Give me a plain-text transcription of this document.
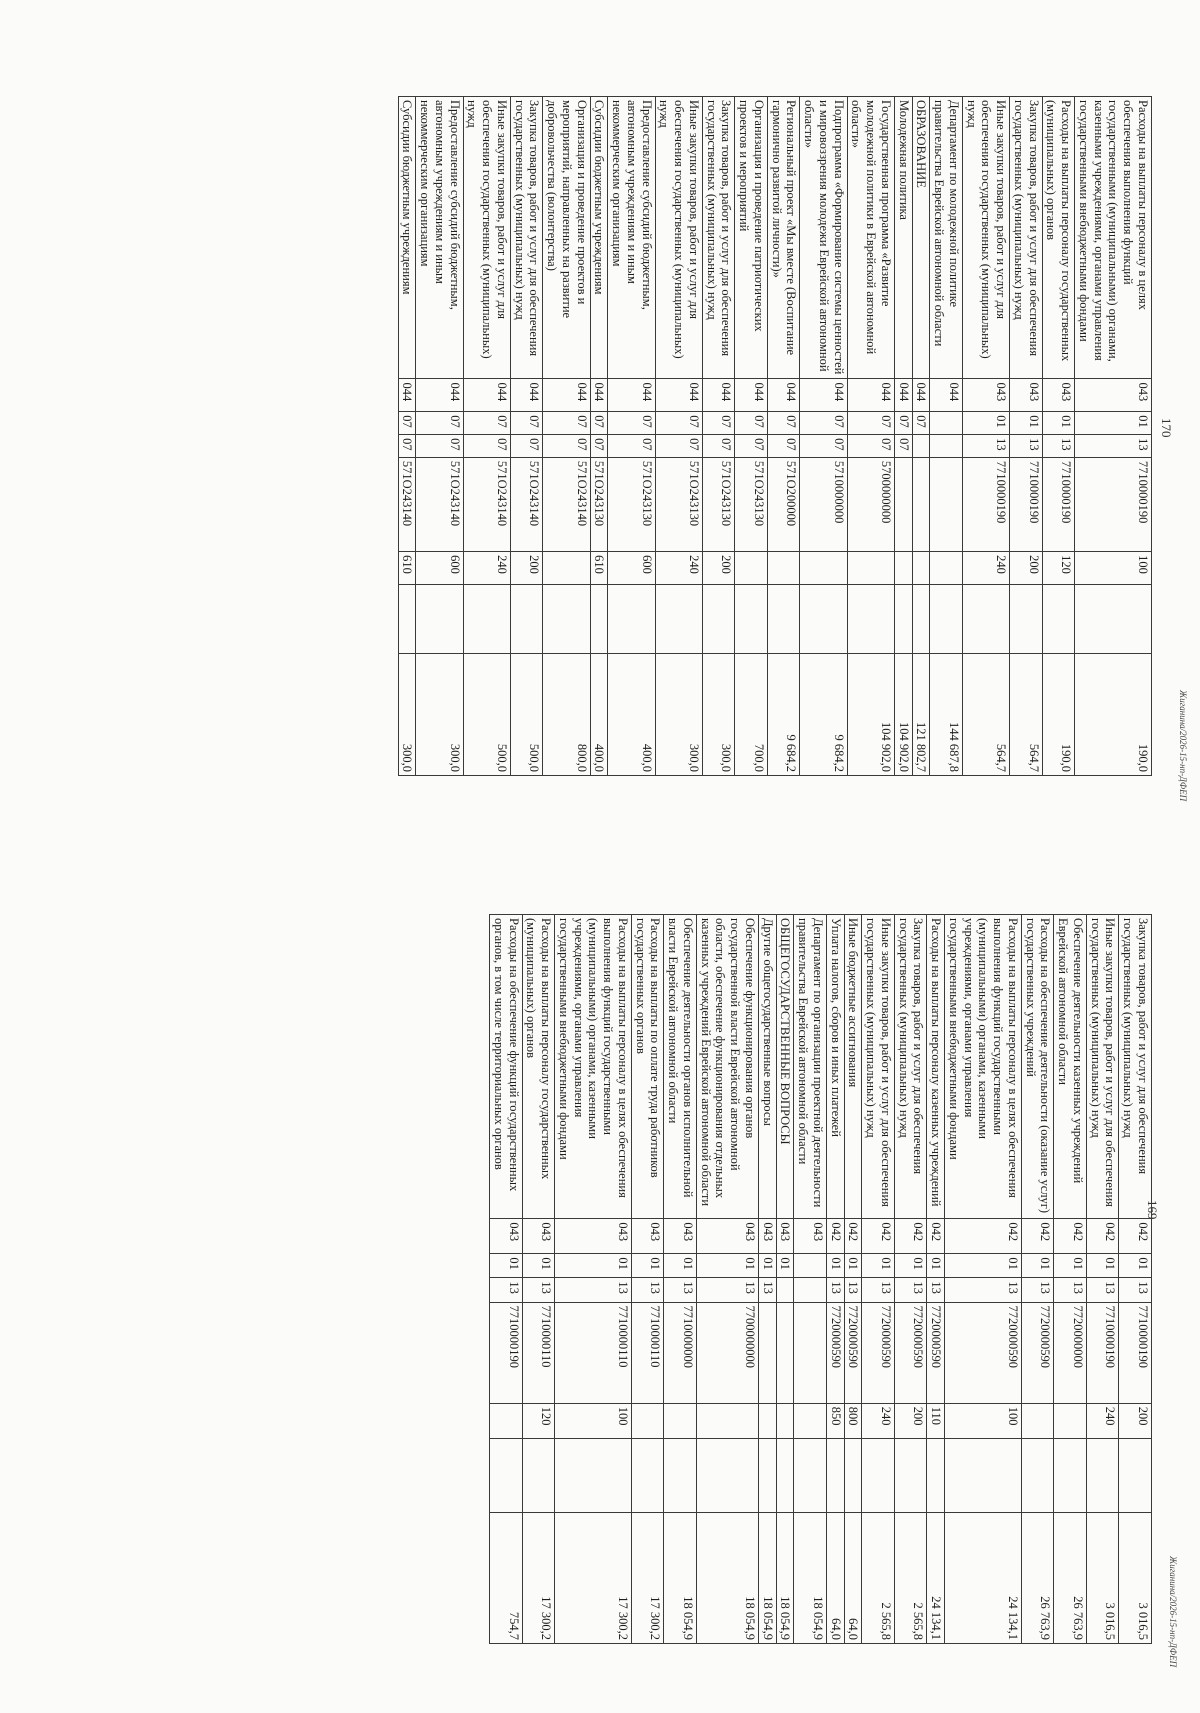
170
Расходы на выплаты персоналу в целях обеспечения выполнения функций государственными (муниципальными) органами, казенными учреждениями, органами управления государственными внебюджетными фондами	043	01	13	7710000190	100		190,0
Расходы на выплаты персоналу государственных (муниципальных) органов	043	01	13	7710000190	120		190,0
Закупка товаров, работ и услуг для обеспечения государственных (муниципальных) нужд	043	01	13	7710000190	200		564,7
Иные закупки товаров, работ и услуг для обеспечения государственных (муниципальных) нужд	043	01	13	7710000190	240		564,7
Департамент по молодежной политике правительства Еврейской автономной области	044						144 687,8
ОБРАЗОВАНИЕ	044	07					121 802,7
Молодежная политика	044	07	07				104 902,0
Государственная программа «Развитие молодежной политики в Еврейской автономной области»	044	07	07	5700000000			104 902,0
Подпрограмма «Формирование системы ценностей и мировоззрения молодежи Еврейской автономной области»	044	07	07	5710000000			9 684,2
Региональный проект «Мы вместе (Воспитание гармонично развитой личности)»	044	07	07	571О200000			9 684,2
Организация и проведение патриотических проектов и мероприятий	044	07	07	571О243130			700,0
Закупка товаров, работ и услуг для обеспечения государственных (муниципальных) нужд	044	07	07	571О243130	200		300,0
Иные закупки товаров, работ и услуг для обеспечения государственных (муниципальных) нужд	044	07	07	571О243130	240		300,0
Предоставление субсидий бюджетным, автономным учреждениям и иным некоммерческим организациям	044	07	07	571О243130	600		400,0
Субсидии бюджетным учреждениям	044	07	07	571О243130	610		400,0
Организация и проведение проектов и мероприятий, направленных на развитие добровольчества (волонтерства)	044	07	07	571О243140			800,0
Закупка товаров, работ и услуг для обеспечения государственных (муниципальных) нужд	044	07	07	571О243140	200		500,0
Иные закупки товаров, работ и услуг для обеспечения государственных (муниципальных) нужд	044	07	07	571О243140	240		500,0
Предоставление субсидий бюджетным, автономным учреждениям и иным некоммерческим организациям	044	07	07	571О243140	600		300,0
Субсидии бюджетным учреждениям	044	07	07	571О243140	610		300,0	Жиганина/2026-15-нп-ДФЕП
169
Закупка товаров, работ и услуг для обеспечения государственных (муниципальных) нужд	042	01	13	7710000190	200		3 016,5
Иные закупки товаров, работ и услуг для обеспечения государственных (муниципальных) нужд	042	01	13	7710000190	240		3 016,5
Обеспечение деятельности казенных учреждений Еврейской автономной области	042	01	13	7720000000			26 763,9
Расходы на обеспечение деятельности (оказание услуг) государственных учреждений	042	01	13	7720000590			26 763,9
Расходы на выплаты персоналу в целях обеспечения выполнения функций государственными (муниципальными) органами, казенными учреждениями, органами управления государственными внебюджетными фондами	042	01	13	7720000590	100		24 134,1
Расходы на выплаты персоналу казенных учреждений	042	01	13	7720000590	110		24 134,1
Закупка товаров, работ и услуг для обеспечения государственных (муниципальных) нужд	042	01	13	7720000590	200		2 565,8
Иные закупки товаров, работ и услуг для обеспечения государственных (муниципальных) нужд	042	01	13	7720000590	240		2 565,8
Иные бюджетные ассигнования	042	01	13	7720000590	800		64,0
Уплата налогов, сборов и иных платежей	042	01	13	7720000590	850		64,0
Департамент по организации проектной деятельности правительства Еврейской автономной области	043						18 054,9
ОБЩЕГОСУДАРСТВЕННЫЕ ВОПРОСЫ	043	01					18 054,9
Другие общегосударственные вопросы	043	01	13				18 054,9
Обеспечение функционирования органов государственной власти Еврейской автономной области, обеспечение функционирования отдельных казенных учреждений Еврейской автономной области	043	01	13	7700000000			18 054,9
Обеспечение деятельности органов исполнительной власти Еврейской автономной области	043	01	13	7710000000			18 054,9
Расходы на выплаты по оплате труда работников государственных органов	043	01	13	7710000110			17 300,2
Расходы на выплаты персоналу в целях обеспечения выполнения функций государственными (муниципальными) органами, казенными учреждениями, органами управления государственными внебюджетными фондами	043	01	13	7710000110	100		17 300,2
Расходы на выплаты персоналу государственных (муниципальных) органов	043	01	13	7710000110	120		17 300,2
Расходы на обеспечение функций государственных органов, в том числе территориальных органов	043	01	13	7710000190			754,7	Жиганина/2026-15-нп-ДФЕП
